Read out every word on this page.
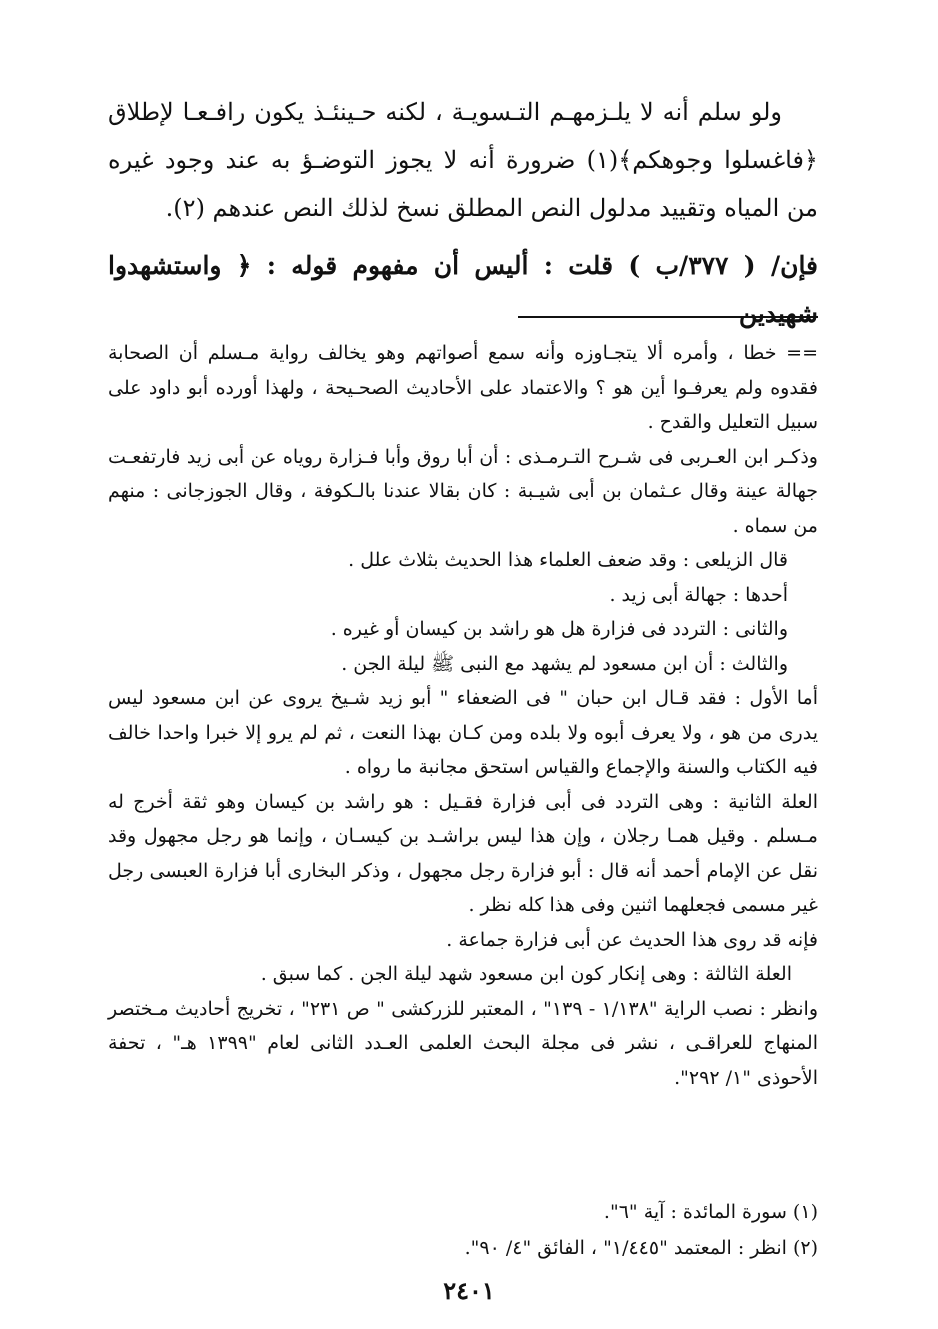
ولو سلم أنه لا يلـزمهـم التـسويـة ، لكنه حـينئـذ يكون رافـعـا لإطلاق ﴿فاغسلوا وجوهكم﴾(١) ضرورة أنه لا يجوز التوضـؤ به عند وجود غيره من المياه وتقييد مدلول النص المطلق نسخ لذلك النص عندهم (٢).

فإن/ ( ٣٧٧/ب ) قلت : أليس أن مفهوم قوله : ﴿ واستشهدوا شهيدين

== خطا ، وأمره ألا يتجـاوزه وأنه سمع أصواتهم وهو يخالف رواية مـسلم أن الصحابة فقدوه ولم يعرفـوا أين هو ؟ والاعتماد على الأحاديث الصحـيحة ، ولهذا أورده أبو داود على سبيل التعليل والقدح .

وذكـر ابن العـربى فى شـرح التـرمـذى : أن أبا روق وأبا فـزارة روياه عن أبى زيد فارتفعـت جهالة عينة وقال عـثمان بن أبى شيـبة : كان بقالا عندنا بالـكوفة ، وقال الجوزجانى : منهم من سماه .

قال الزيلعى : وقد ضعف العلماء هذا الحديث بثلاث علل .

أحدها : جهالة أبى زيد .

والثانى : التردد فى فزارة هل هو راشد بن كيسان أو غيره .

والثالث : أن ابن مسعود لم يشهد مع النبى ﷺ ليلة الجن .

أما الأول : فقد قـال ابن حبان " فى الضعفاء " أبو زيد شـيخ يروى عن ابن مسعود ليس يدرى من هو ، ولا يعرف أبوه ولا بلده ومن كـان بهذا النعت ، ثم لم يرو إلا خبرا واحدا خالف فيه الكتاب والسنة والإجماع والقياس استحق مجانبة ما رواه .

العلة الثانية : وهى التردد فى أبى فزارة فقـيل : هو راشد بن كيسان وهو ثقة أخرج له مـسلم . وقيل همـا رجلان ، وإن هذا ليس براشـد بن كيسـان ، وإنما هو رجل مجهول وقد نقل عن الإمام أحمد أنه قال : أبو فزارة رجل مجهول ، وذكر البخارى أبا فزارة العبسى رجل غير مسمى فجعلهما اثنين وفى هذا كله نظر .

فإنه قد روى هذا الحديث عن أبى فزارة جماعة .

العلة الثالثة : وهى إنكار كون ابن مسعود شهد ليلة الجن . كما سبق .

وانظر : نصب الراية "١/١٣٨ - ١٣٩" ، المعتبر للزركشى " ص ٢٣١" ، تخريج أحاديث مـختصر المنهاج للعراقـى ، نشر فى مجلة البحث العلمى العـدد الثانى لعام "١٣٩٩ هـ" ، تحفة الأحوذى "١/ ٢٩٢".

(١) سورة المائدة : آية "٦".

(٢) انظر : المعتمد "١/٤٤٥" ، الفائق "٤/ ٩٠".

٢٤٠١
